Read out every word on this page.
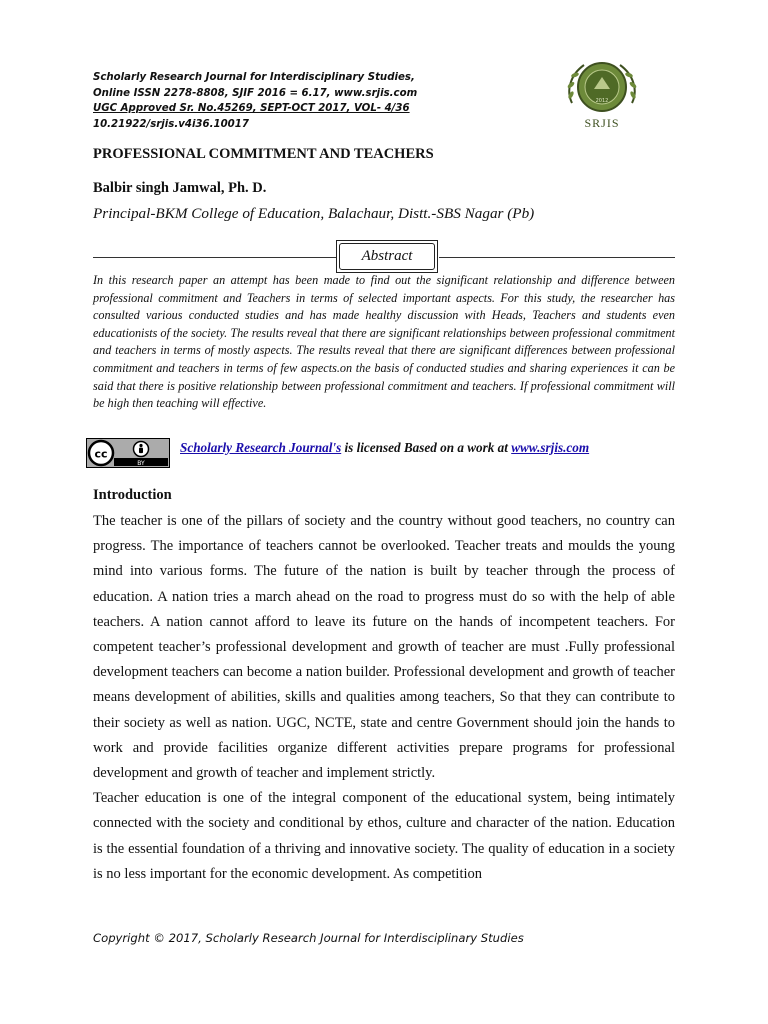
Scholarly Research Journal for Interdisciplinary Studies,
Online ISSN 2278-8808, SJIF 2016 = 6.17, www.srjis.com
UGC Approved Sr. No.45269, SEPT-OCT 2017, VOL- 4/36
10.21922/srjis.v4i36.10017
2012
SRJIS
PROFESSIONAL COMMITMENT AND TEACHERS
Balbir singh Jamwal, Ph. D.
Principal-BKM College of Education, Balachaur, Distt.-SBS Nagar (Pb)
Abstract
In this research paper an attempt has been made to find out the significant relationship and difference between professional commitment and Teachers in terms of selected important aspects. For this study, the researcher has consulted various conducted studies and has made healthy discussion with Heads, Teachers and students even educationists of the society. The results reveal that there are significant relationships between professional commitment and teachers in terms of mostly aspects. The results reveal that there are significant differences between professional commitment and teachers in terms of few aspects.on the basis of conducted studies and sharing experiences it can be said that there is positive relationship between professional commitment and teachers. If professional commitment will be high then teaching will effective.
cc
BY
Scholarly Research Journal's is licensed Based on a work at www.srjis.com
Introduction

The teacher is one of the pillars of society and the country without good teachers, no country can progress. The importance of teachers cannot be overlooked. Teacher treats and moulds the young mind into various forms. The future of the nation is built by teacher through the process of education. A nation tries a march ahead on the road to progress must do so with the help of able teachers. A nation cannot afford to leave its future on the hands of incompetent teachers. For competent teacher’s professional development and growth of teacher are must .Fully professional development teachers can become a nation builder. Professional development and growth of teacher means development of abilities, skills and qualities among teachers, So that they can contribute to their society as well as nation. UGC, NCTE, state and centre Government should join the hands to work and provide facilities organize different activities prepare programs for professional development and growth of teacher and implement strictly.

Teacher education is one of the integral component of the educational system, being intimately connected with the society and conditional by ethos, culture and character of the nation. Education is the essential foundation of a thriving and innovative society. The quality of education in a society is no less important for the economic development. As competition

Copyright © 2017, Scholarly Research Journal for Interdisciplinary Studies
